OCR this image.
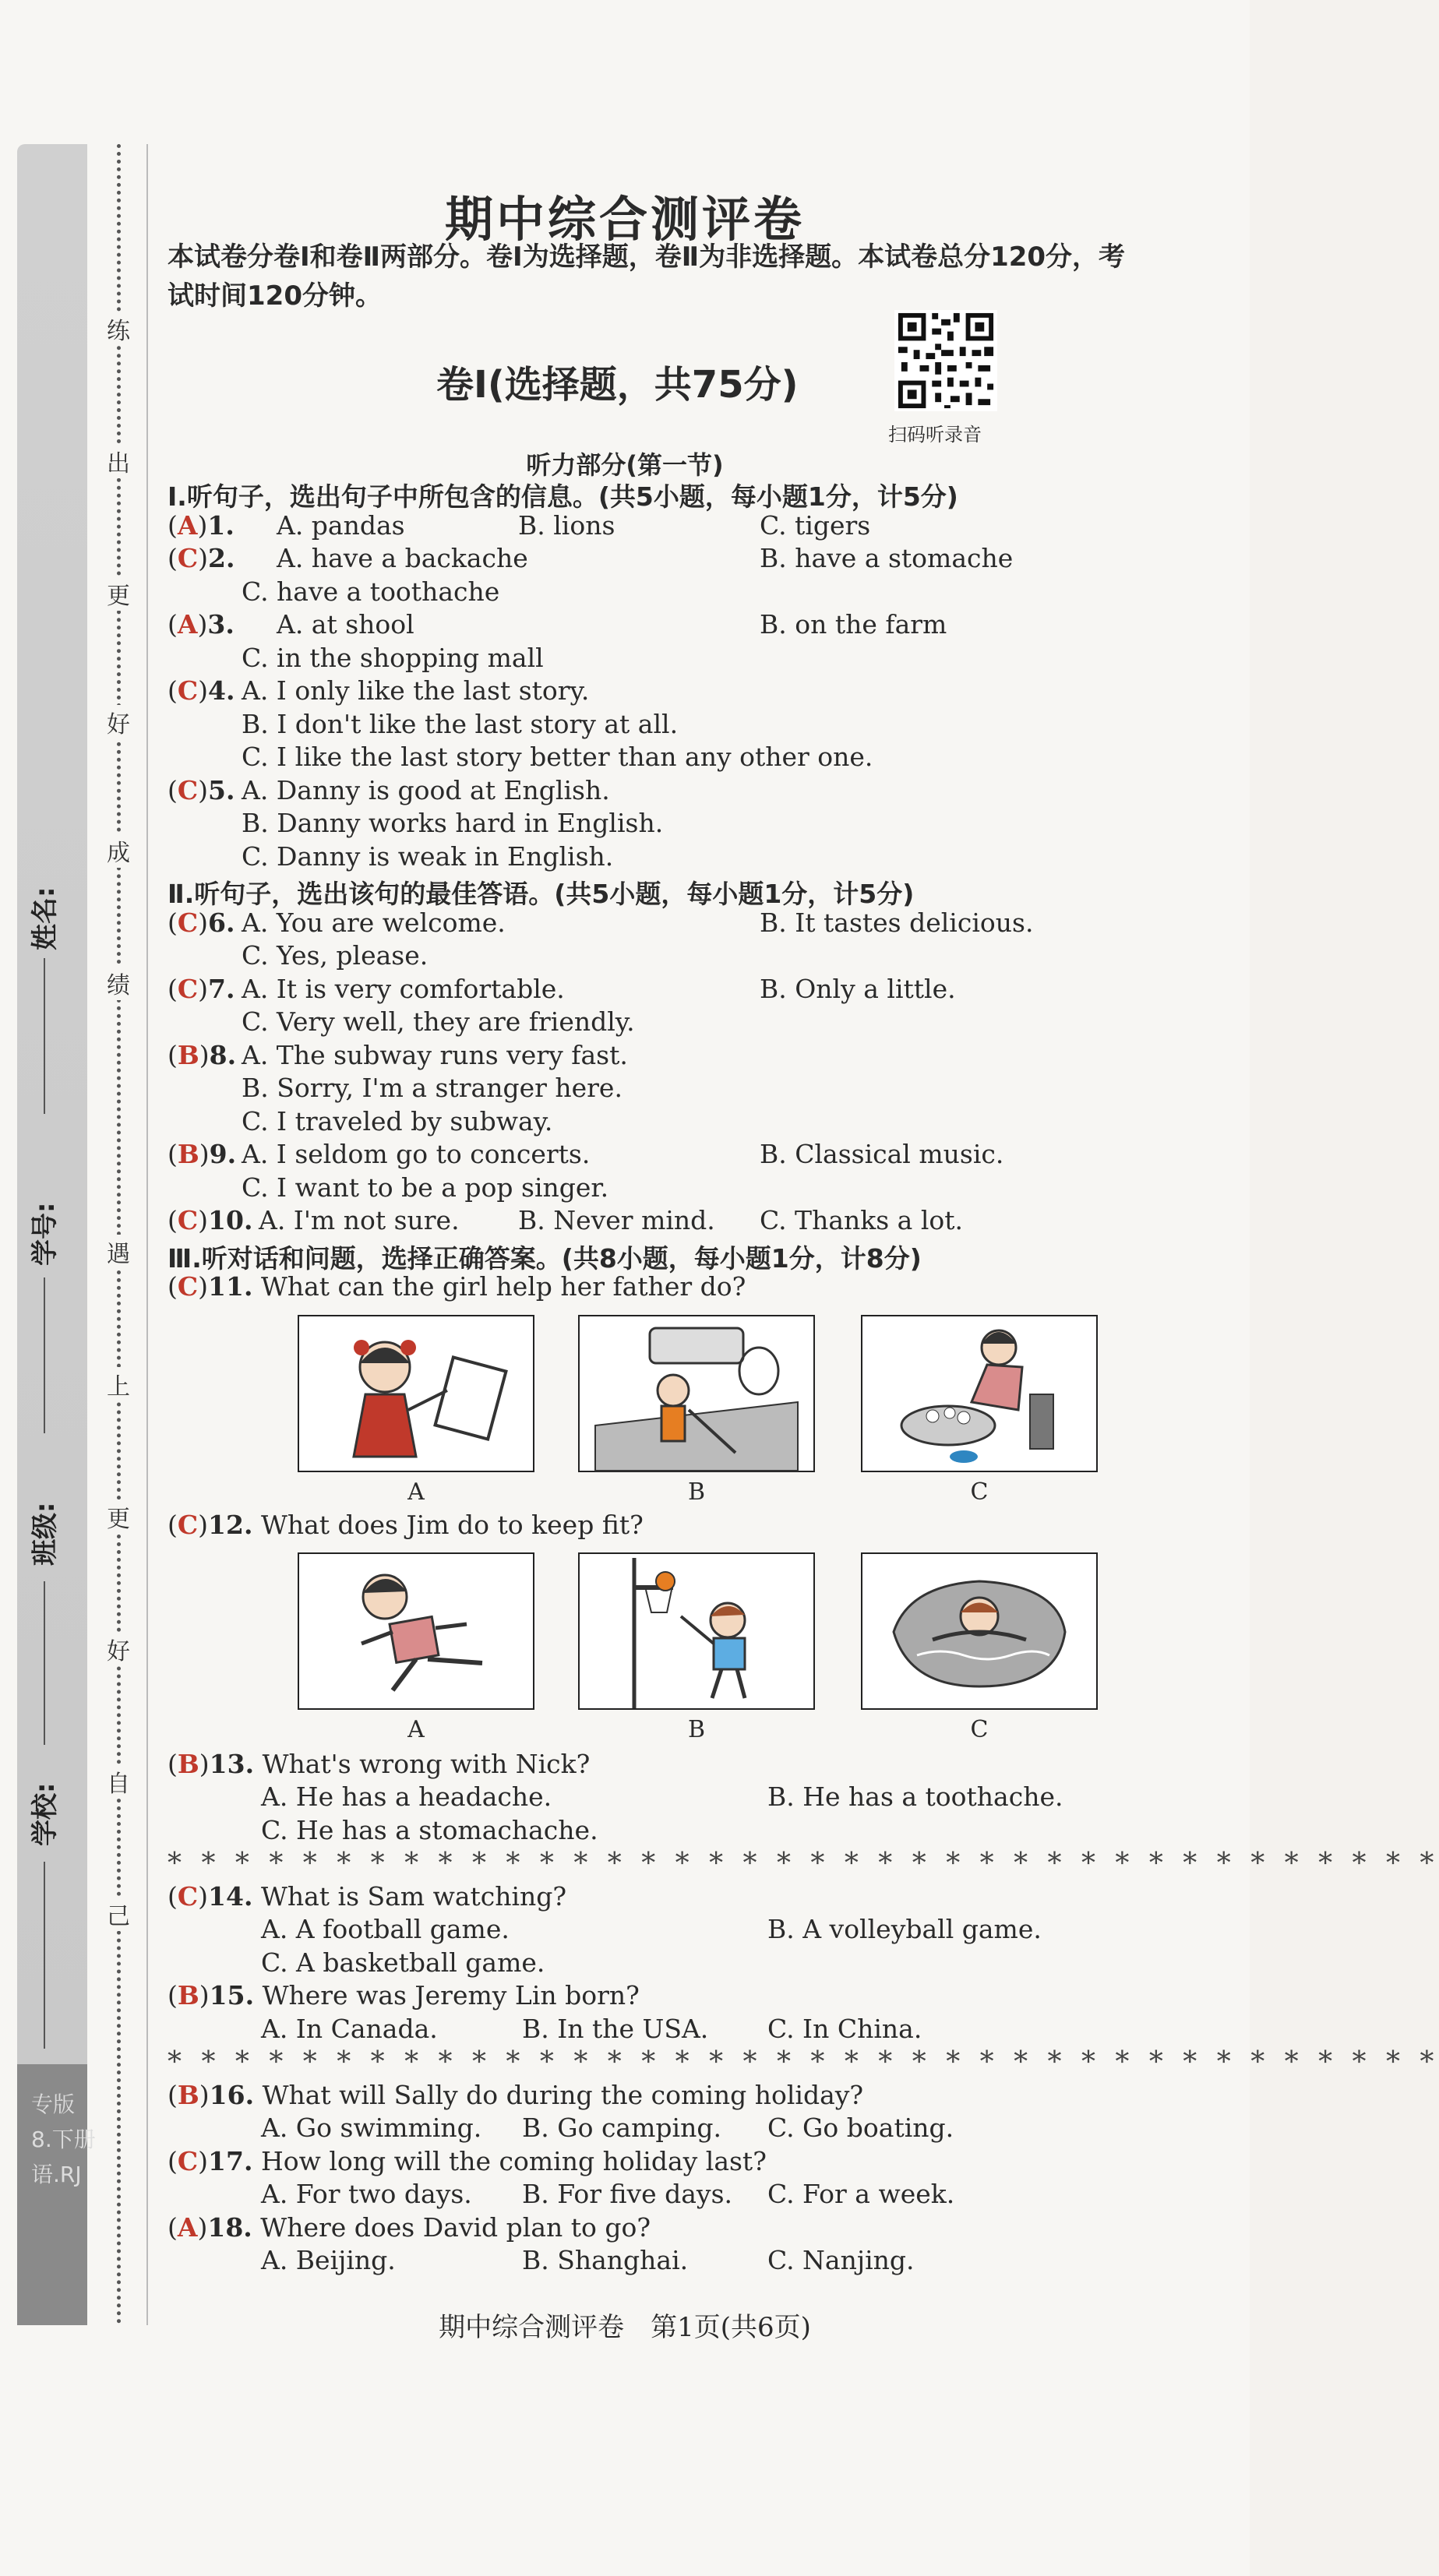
专版
8.下册
语.RJ
姓名:
学号:
班级:
学校:
练
出
更
好
成
绩
遇
上
更
好
自
己
期中综合测评卷
本试卷分卷Ⅰ和卷Ⅱ两部分。卷Ⅰ为选择题，卷Ⅱ为非选择题。本试卷总分120分，考试时间120分钟。
卷Ⅰ(选择题，共75分)
扫码听录音
听力部分(第一节)
Ⅰ.听句子，选出句子中所包含的信息。(共5小题，每小题1分，计5分)
(A)1. A. pandas	B. lions	C. tigers
(C)2. A. have a backache	B. have a stomache
C. have a toothache
(A)3. A. at shool	B. on the farm
C. in the shopping mall
(C)4. A. I only like the last story.
B. I don't like the last story at all.
C. I like the last story better than any other one.
(C)5. A. Danny is good at English.
B. Danny works hard in English.
C. Danny is weak in English.
Ⅱ.听句子，选出该句的最佳答语。(共5小题，每小题1分，计5分)
(C)6. A. You are welcome.	B. It tastes delicious.
C. Yes, please.
(C)7. A. It is very comfortable.	B. Only a little.
C. Very well, they are friendly.
(B)8. A. The subway runs very fast.
B. Sorry, I'm a stranger here.
C. I traveled by subway.
(B)9. A. I seldom go to concerts.	B. Classical music.
C. I want to be a pop singer.
(C)10. A. I'm not sure. B. Never mind. C. Thanks a lot.
Ⅲ.听对话和问题，选择正确答案。(共8小题，每小题1分，计8分)
(C)11. What can the girl help her father do?
A	B	C
(C)12. What does Jim do to keep fit?
A	B	C
(B)13. What's wrong with Nick?
A. He has a headache.	B. He has a toothache.
C. He has a stomachache.
* * * * * * * * * * * * * * * * * * * * * * * * * * * * * * * * * * * * * *
(C)14. What is Sam watching?
A. A football game.	B. A volleyball game.
C. A basketball game.
(B)15. Where was Jeremy Lin born?
A. In Canada.	B. In the USA. C. In China.
* * * * * * * * * * * * * * * * * * * * * * * * * * * * * * * * * * * * * *
(B)16. What will Sally do during the coming holiday?
A. Go swimming. B. Go camping. C. Go boating.
(C)17. How long will the coming holiday last?
A. For two days. B. For five days. C. For a week.
(A)18. Where does David plan to go?
A. Beijing.	B. Shanghai.	C. Nanjing.
期中综合测评卷　第1页(共6页)
